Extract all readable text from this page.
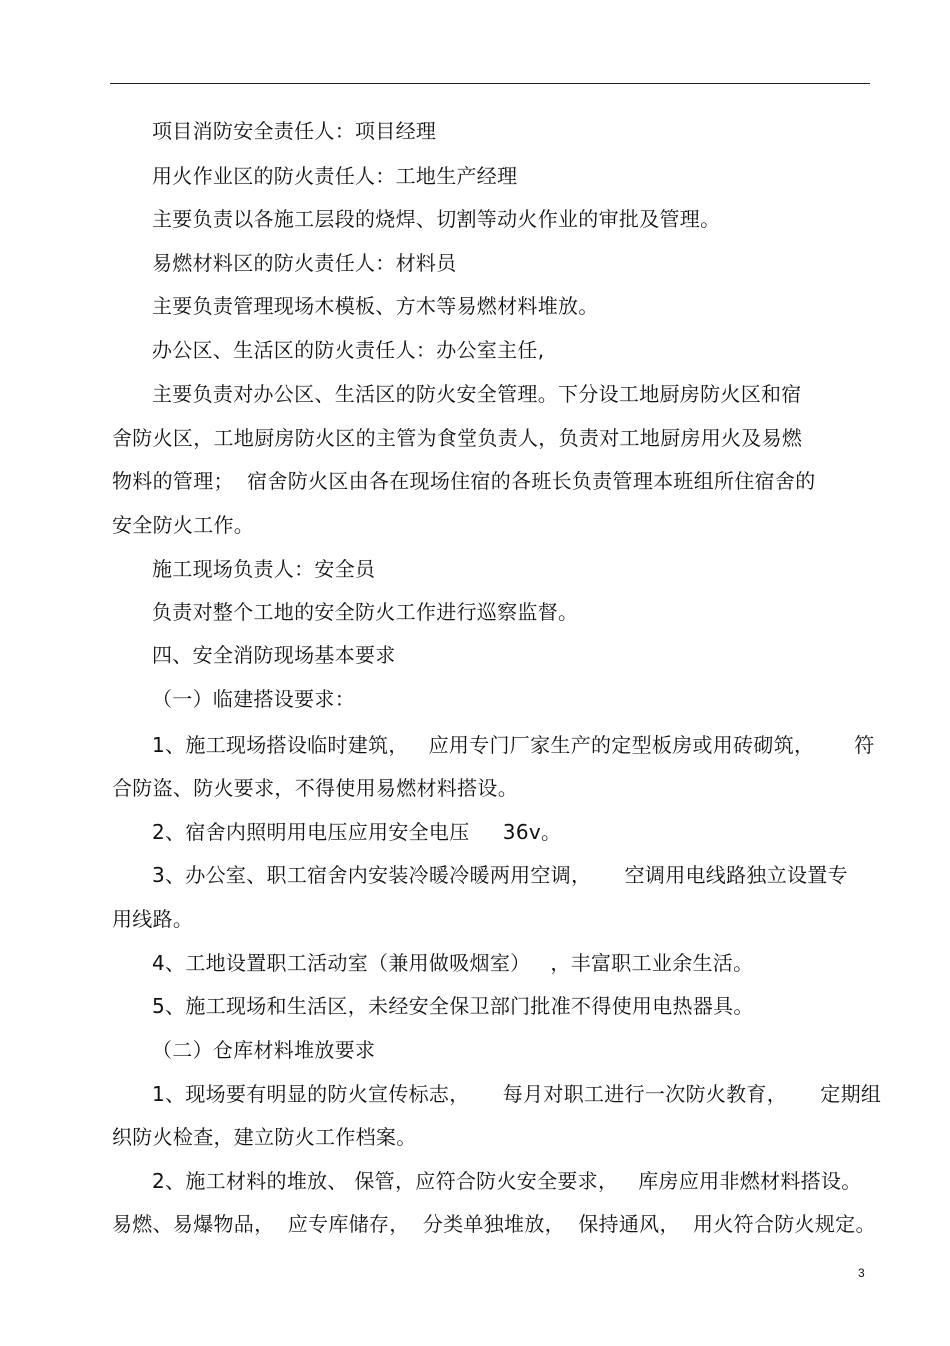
项目消防安全责任人：项目经理
用火作业区的防火责任人：工地生产经理
主要负责以各施工层段的烧焊、切割等动火作业的审批及管理。
易燃材料区的防火责任人：材料员
主要负责管理现场木模板、方木等易燃材料堆放。
办公区、生活区的防火责任人：办公室主任,
主要负责对办公区、生活区的防火安全管理。下分设工地厨房防火区和宿
舍防火区，工地厨房防火区的主管为食堂负责人，负责对工地厨房用火及易燃
物料的管理；  宿舍防火区由各在现场住宿的各班长负责管理本班组所住宿舍的
安全防火工作。
施工现场负责人：安全员
负责对整个工地的安全防火工作进行巡察监督。
四、安全消防现场基本要求
（一）临建搭设要求：
1、施工现场搭设临时建筑，   应用专门厂家生产的定型板房或用砖砌筑，      符
合防盗、防火要求，不得使用易燃材料搭设。
2、宿舍内照明用电压应用安全电压     36v。
3、办公室、职工宿舍内安装冷暖冷暖两用空调，     空调用电线路独立设置专
用线路。
4、工地设置职工活动室（兼用做吸烟室）   ，丰富职工业余生活。
5、施工现场和生活区，未经安全保卫部门批准不得使用电热器具。
（二）仓库材料堆放要求
1、现场要有明显的防火宣传标志，     每月对职工进行一次防火教育，     定期组
织防火检查，建立防火工作档案。
2、施工材料的堆放、 保管，应符合防火安全要求，   库房应用非燃材料搭设。
易燃、易爆物品，  应专库储存，  分类单独堆放，  保持通风，  用火符合防火规定。
3
